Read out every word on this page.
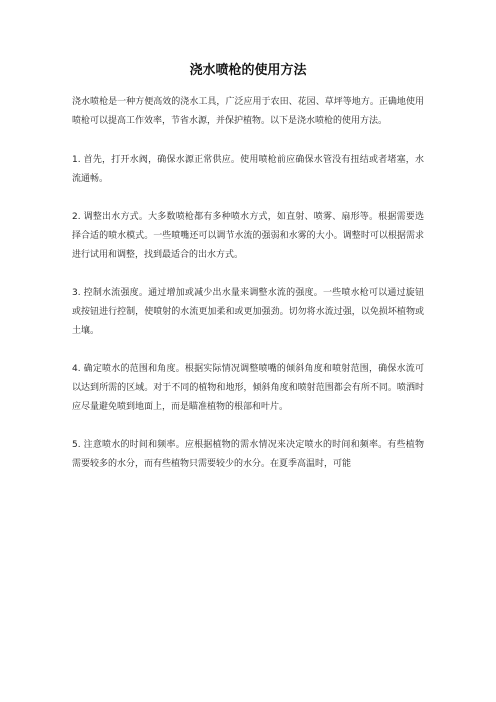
浇水喷枪的使用方法

浇水喷枪是一种方便高效的浇水工具，广泛应用于农田、花园、草坪等地方。正确地使用喷枪可以提高工作效率，节省水源，并保护植物。以下是浇水喷枪的使用方法。

1. 首先，打开水阀，确保水源正常供应。使用喷枪前应确保水管没有扭结或者堵塞，水流通畅。

2. 调整出水方式。大多数喷枪都有多种喷水方式，如直射、喷雾、扇形等。根据需要选择合适的喷水模式。一些喷嘴还可以调节水流的强弱和水雾的大小。调整时可以根据需求进行试用和调整，找到最适合的出水方式。

3. 控制水流强度。通过增加或减少出水量来调整水流的强度。一些喷水枪可以通过旋钮或按钮进行控制，使喷射的水流更加柔和或更加强劲。切勿将水流过强，以免损坏植物或土壤。

4. 确定喷水的范围和角度。根据实际情况调整喷嘴的倾斜角度和喷射范围，确保水流可以达到所需的区域。对于不同的植物和地形，倾斜角度和喷射范围都会有所不同。喷洒时应尽量避免喷到地面上，而是瞄准植物的根部和叶片。

5. 注意喷水的时间和频率。应根据植物的需水情况来决定喷水的时间和频率。有些植物需要较多的水分，而有些植物只需要较少的水分。在夏季高温时，可能
